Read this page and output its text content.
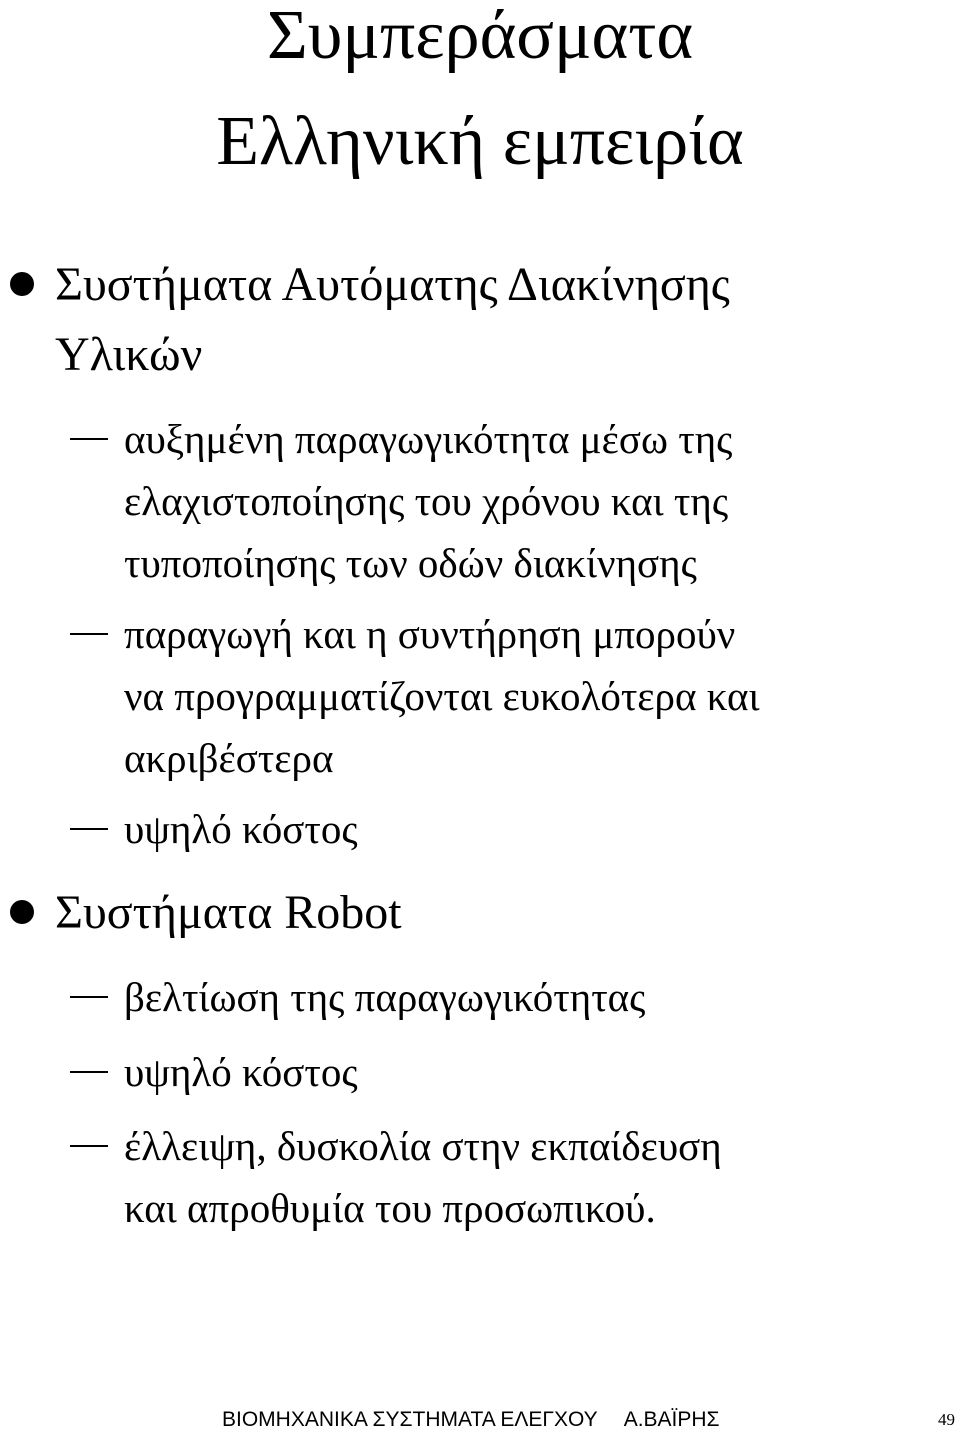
Συμπεράσματα
Ελληνική εμπειρία
Συστήματα Αυτόματης Διακίνησης
Υλικών
αυξημένη παραγωγικότητα μέσω της
ελαχιστοποίησης του χρόνου και της
τυποποίησης των οδών διακίνησης
παραγωγή και η συντήρηση μπορούν
να προγραμματίζονται ευκολότερα και
ακριβέστερα
υψηλό κόστος
Συστήματα Robot
βελτίωση της παραγωγικότητας
υψηλό κόστος
έλλειψη, δυσκολία στην εκπαίδευση
και απροθυμία του προσωπικού.
ΒΙΟΜΗΧΑΝΙΚΑ ΣΥΣΤΗΜΑΤΑ ΕΛΕΓΧΟΥ Α.ΒΑΪΡΗΣ	49
